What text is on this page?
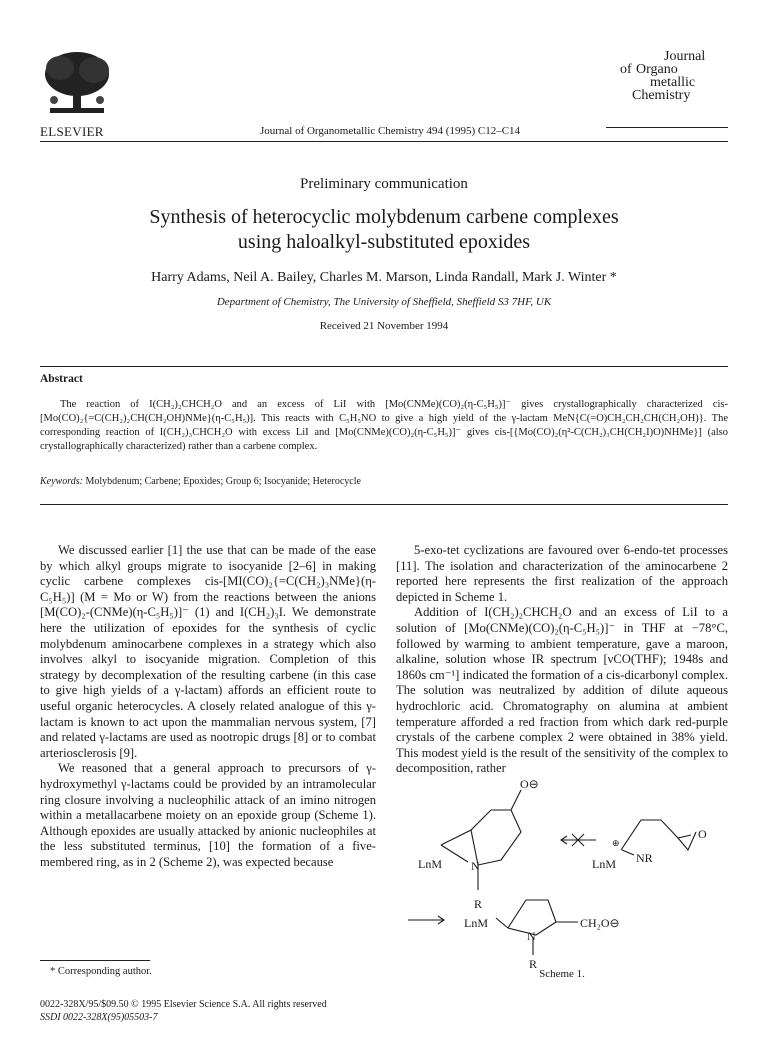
ELSEVIER	Journal of Organometallic Chemistry 494 (1995) C12–C14
Journal
of Organo
metallic
Chemistry
Preliminary communication
Synthesis of heterocyclic molybdenum carbene complexes
using haloalkyl-substituted epoxides
Harry Adams, Neil A. Bailey, Charles M. Marson, Linda Randall, Mark J. Winter *
Department of Chemistry, The University of Sheffield, Sheffield S3 7HF, UK
Received 21 November 1994
Abstract
The reaction of I(CH₂)₂CHCH₂O and an excess of LiI with [Mo(CNMe)(CO)₂(η-C₅H₅)]⁻ gives crystallographically characterized cis-[Mo(CO)₂{=C(CH₂)₂CH(CH₂OH)NMe}(η-C₅H₅)]. This reacts with C₅H₅NO to give a high yield of the γ-lactam MeN{C(=O)CH₂CH₂CH(CH₂OH)}. The corresponding reaction of I(CH₂)₃CHCH₂O with excess LiI and [Mo(CNMe)(CO)₂(η-C₅H₅)]⁻ gives cis-[{Mo(CO)₂(η²-C(CH₂)₃CH(CH₂I)O)NHMe}] (also crystallographically characterized) rather than a carbene complex.
Keywords: Molybdenum; Carbene; Epoxides; Group 6; Isocyanide; Heterocycle

We discussed earlier [1] the use that can be made of the ease by which alkyl groups migrate to isocyanide [2–6] in making cyclic carbene complexes cis-[MI(CO)₂{=C(CH₂)₃NMe}(η-C₅H₅)] (M = Mo or W) from the reactions between the anions [M(CO)₂-(CNMe)(η-C₅H₅)]⁻ (1) and I(CH₂)₃I. We demonstrate here the utilization of epoxides for the synthesis of cyclic molybdenum aminocarbene complexes in a strategy which also involves alkyl to isocyanide migration. Completion of this strategy by decomplexation of the resulting carbene (in this case to give high yields of a γ-lactam) affords an efficient route to useful organic heterocycles. A closely related analogue of this γ-lactam is known to act upon the mammalian nervous system, [7] and related γ-lactams are used as nootropic drugs [8] or to combat arteriosclerosis [9].

We reasoned that a general approach to precursors of γ-hydroxymethyl γ-lactams could be provided by an intramolecular ring closure involving a nucleophilic attack of an imino nitrogen within a metallacarbene moiety on an epoxide group (Scheme 1). Although epoxides are usually attacked by anionic nucleophiles at the less substituted terminus, [10] the formation of a five-membered ring, as in 2 (Scheme 2), was expected because

5-exo-tet cyclizations are favoured over 6-endo-tet processes [11]. The isolation and characterization of the aminocarbene 2 reported here represents the first realization of the approach depicted in Scheme 1.

Addition of I(CH₂)₂CHCH₂O and an excess of LiI to a solution of [Mo(CNMe)(CO)₂(η-C₅H₅)]⁻ in THF at −78°C, followed by warming to ambient temperature, gave a maroon, alkaline, solution whose IR spectrum [νCO(THF); 1948s and 1860s cm⁻¹] indicated the formation of a cis-dicarbonyl complex. The solution was neutralized by addition of dilute aqueous hydrochloric acid. Chromatography on alumina at ambient temperature afforded a red fraction from which dark red-purple crystals of the carbene complex 2 were obtained in 38% yield. This modest yield is the result of the sensitivity of the complex to decomposition, rather

LnM N
R
O⊖
⊕
LnM NR
O
LnM
N
CH₂O⊖
R
Scheme 1.
* Corresponding author.
0022-328X/95/$09.50 © 1995 Elsevier Science S.A. All rights reserved
SSDI 0022-328X(95)05503-7
